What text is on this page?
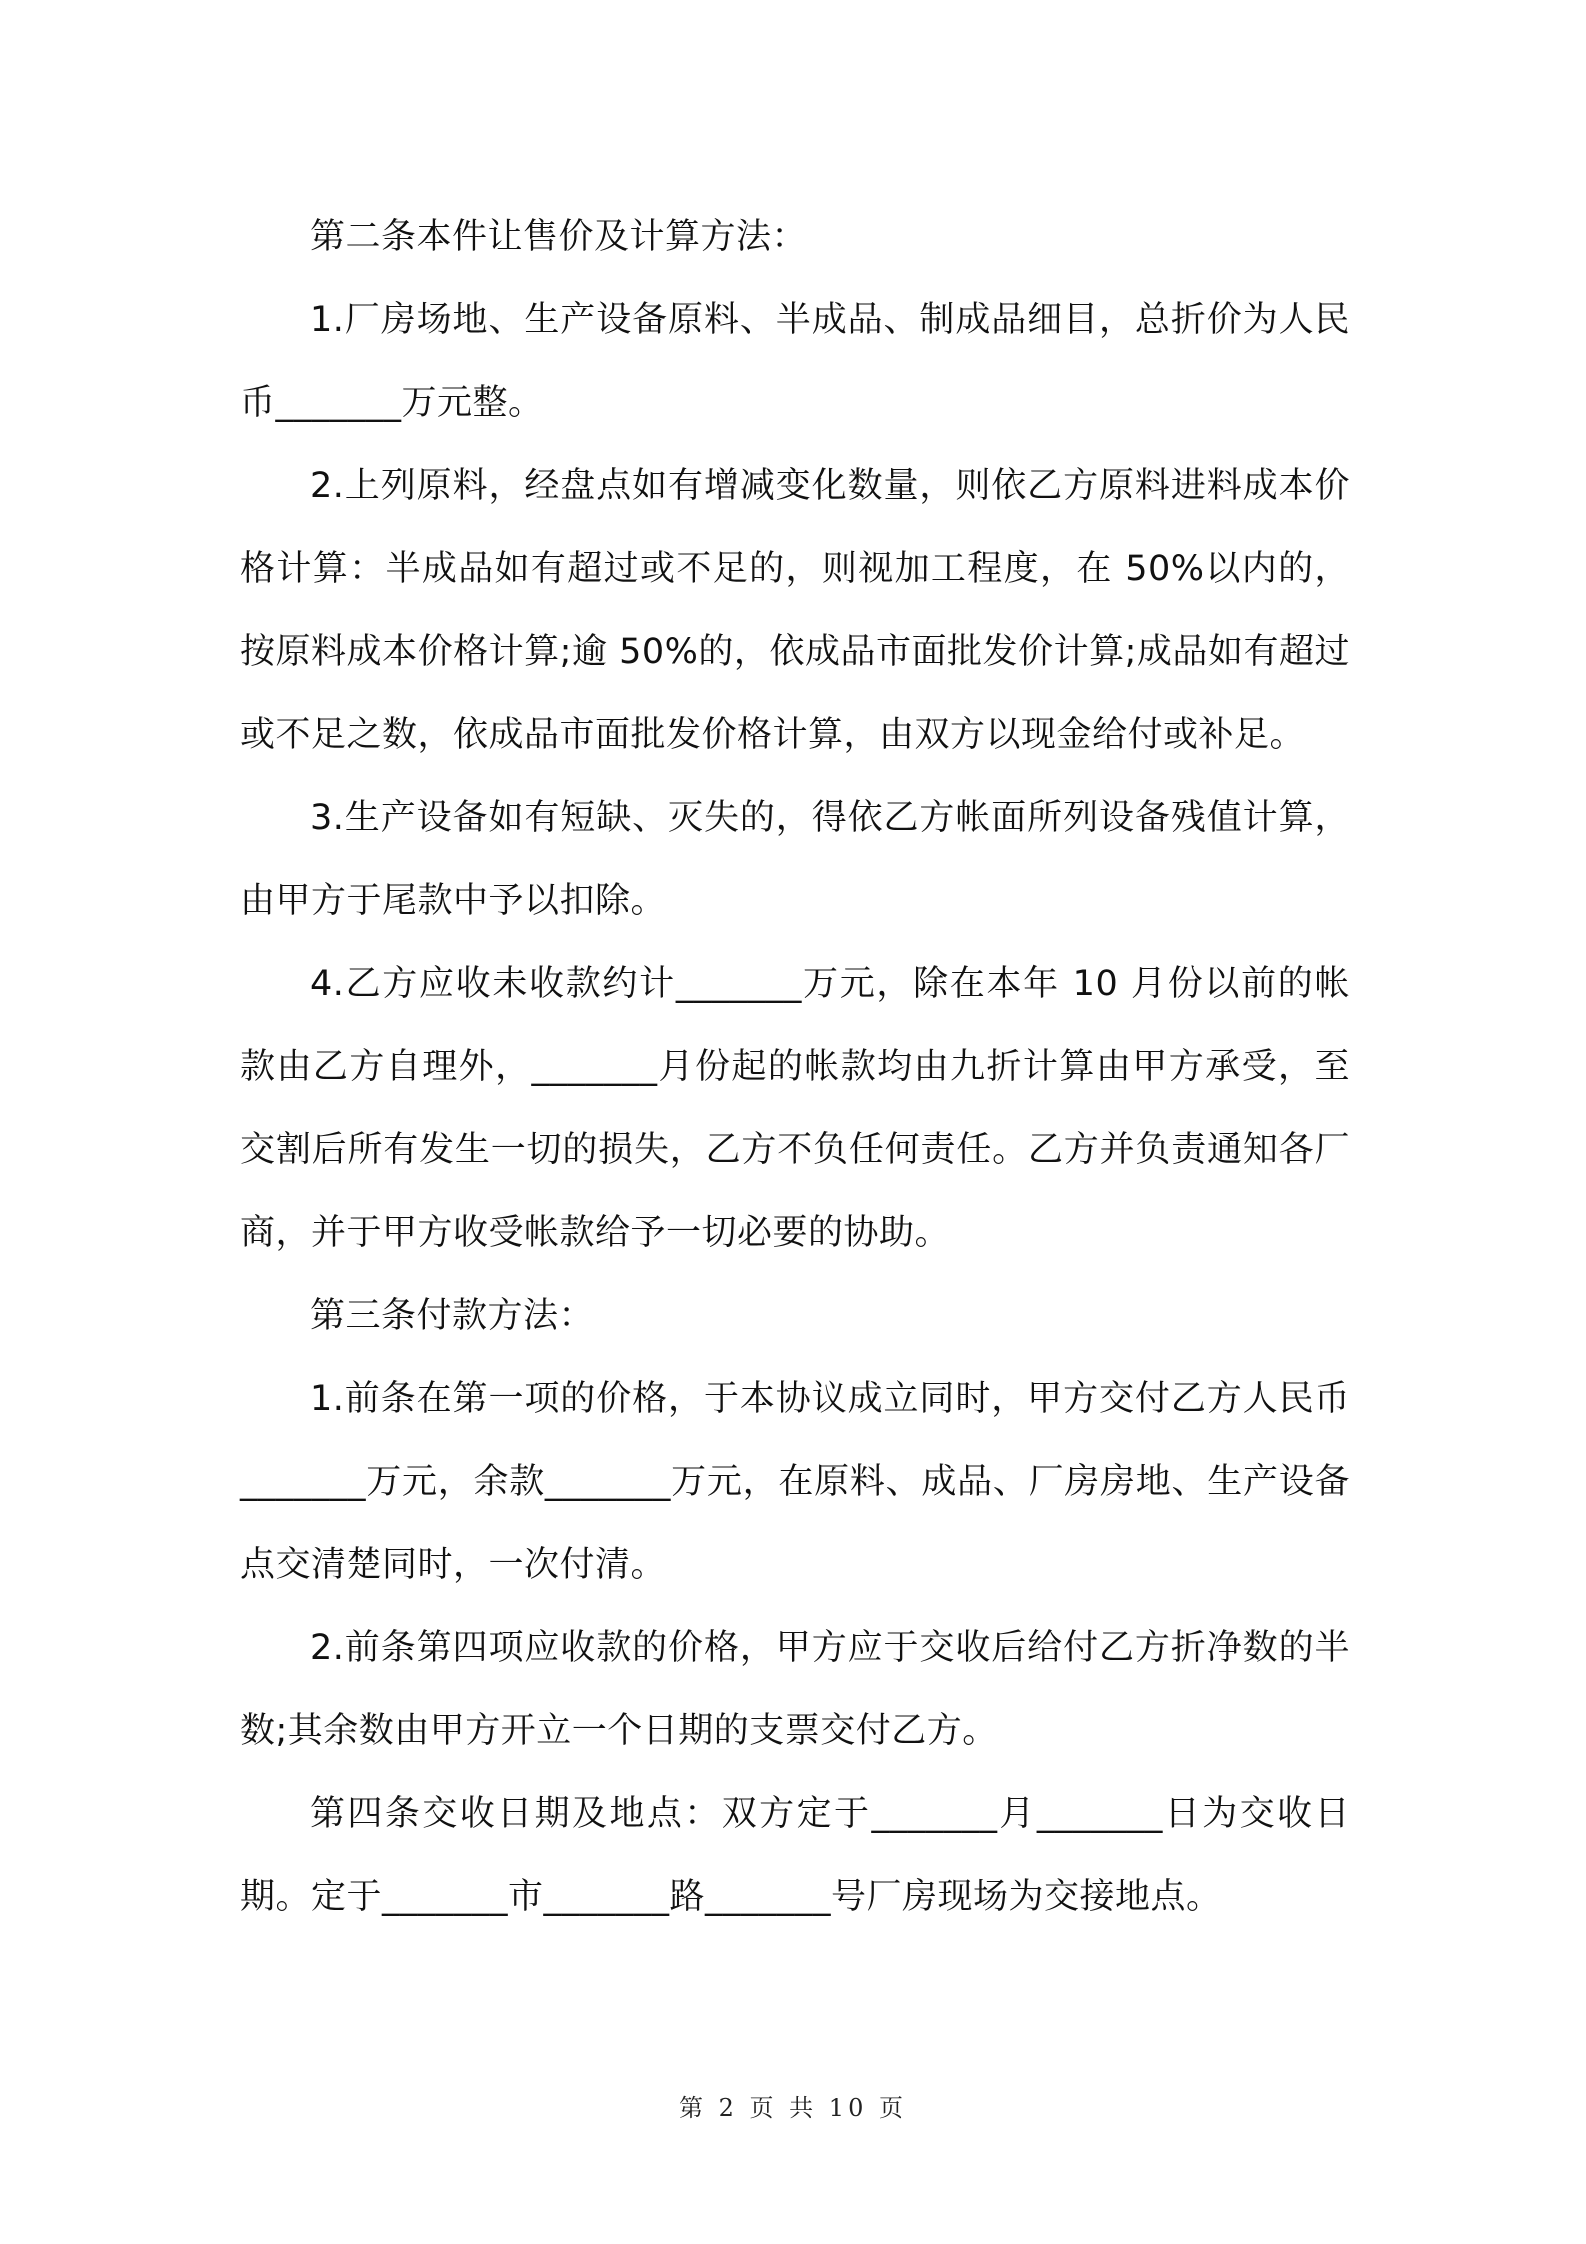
第二条本件让售价及计算方法：

1.厂房场地、生产设备原料、半成品、制成品细目，总折价为人民币_______万元整。

2.上列原料，经盘点如有增减变化数量，则依乙方原料进料成本价格计算：半成品如有超过或不足的，则视加工程度，在 50%以内的，按原料成本价格计算;逾 50%的，依成品市面批发价计算;成品如有超过或不足之数，依成品市面批发价格计算，由双方以现金给付或补足。

3.生产设备如有短缺、灭失的，得依乙方帐面所列设备残值计算，由甲方于尾款中予以扣除。

4.乙方应收未收款约计_______万元，除在本年 10 月份以前的帐款由乙方自理外，_______月份起的帐款均由九折计算由甲方承受，至交割后所有发生一切的损失，乙方不负任何责任。乙方并负责通知各厂商，并于甲方收受帐款给予一切必要的协助。

第三条付款方法：

1.前条在第一项的价格，于本协议成立同时，甲方交付乙方人民币_______万元，余款_______万元，在原料、成品、厂房房地、生产设备点交清楚同时，一次付清。

2.前条第四项应收款的价格，甲方应于交收后给付乙方折净数的半数;其余数由甲方开立一个日期的支票交付乙方。

第四条交收日期及地点：双方定于_______月_______日为交收日期。定于_______市_______路_______号厂房现场为交接地点。

第 2 页 共 10 页
